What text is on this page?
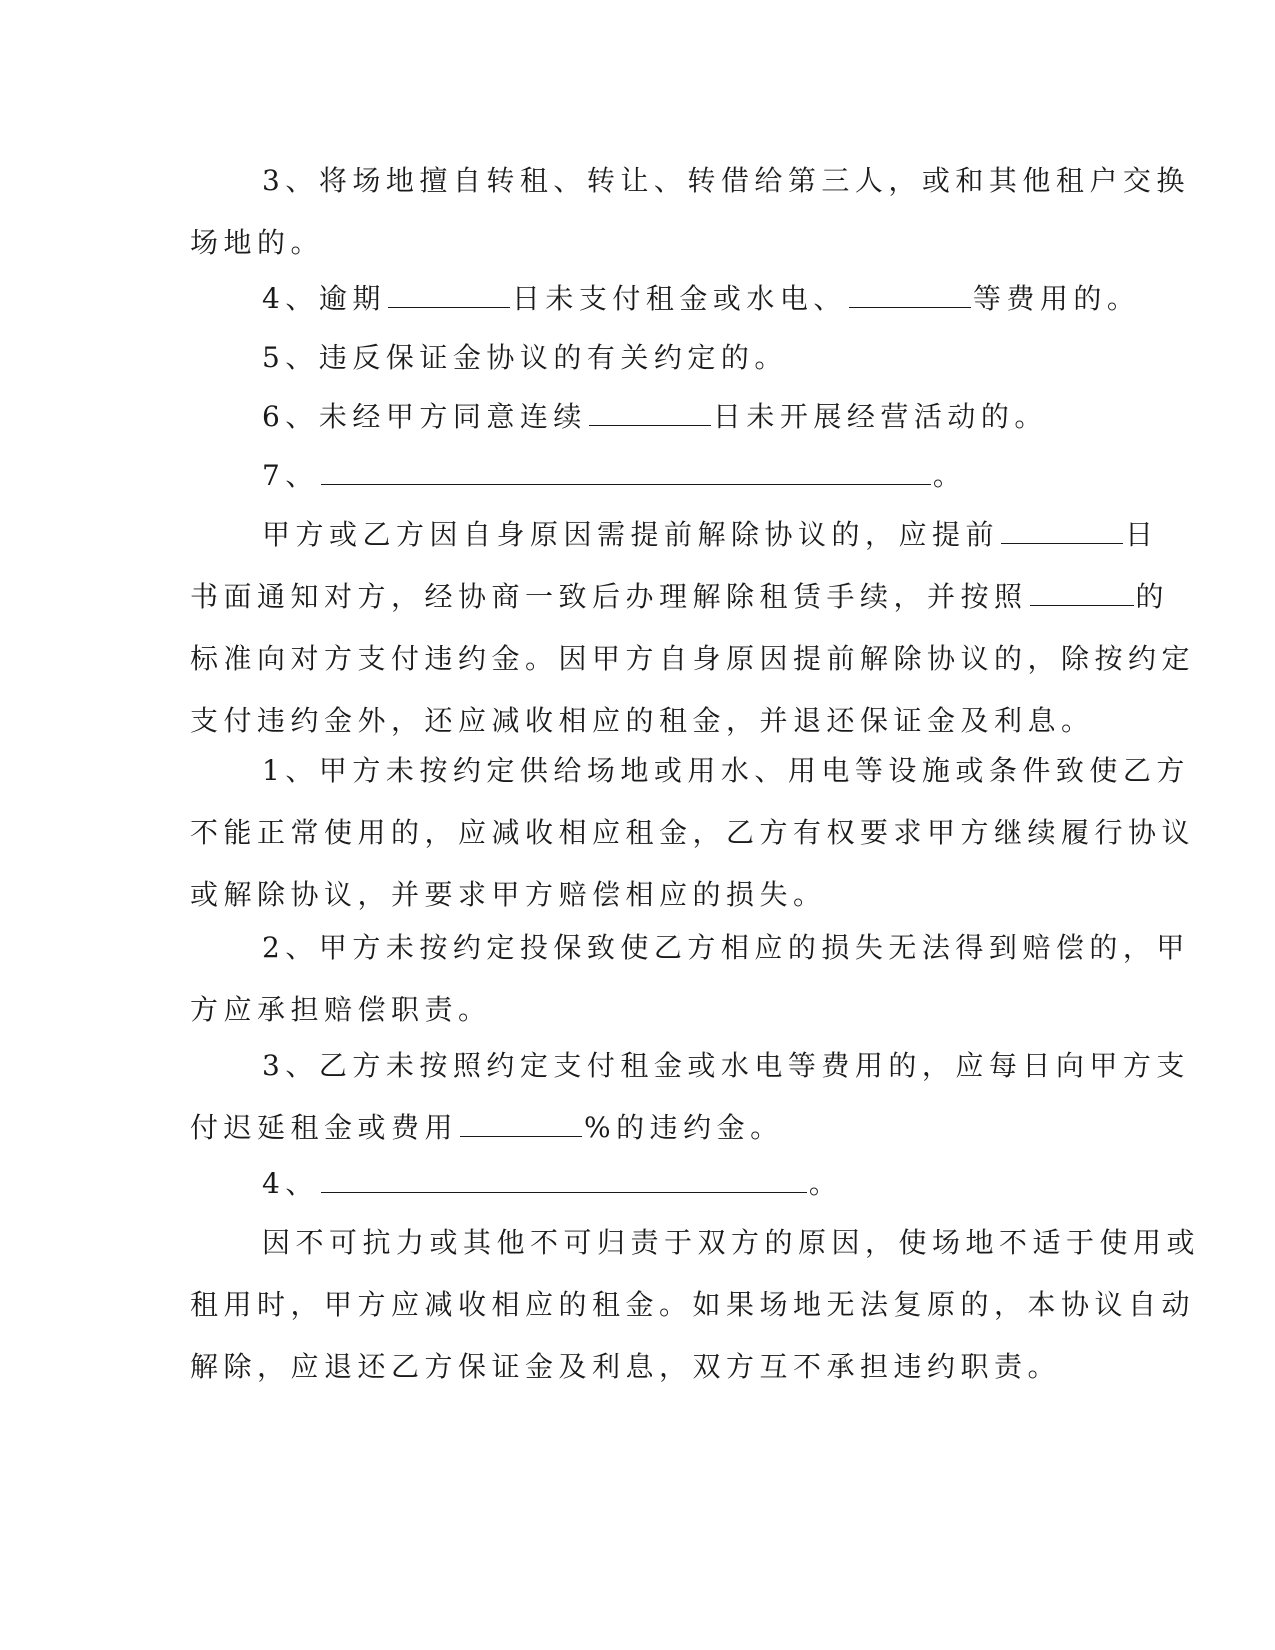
3、将场地擅自转租、转让、转借给第三人，或和其他租户交换
场地的。
4、逾期	日未支付租金或水电、	等费用的。
5、违反保证金协议的有关约定的。
6、未经甲方同意连续	日未开展经营活动的。
7、	。
甲方或乙方因自身原因需提前解除协议的，应提前	日
书面通知对方，经协商一致后办理解除租赁手续，并按照	的
标准向对方支付违约金。因甲方自身原因提前解除协议的，除按约定
支付违约金外，还应减收相应的租金，并退还保证金及利息。
1、甲方未按约定供给场地或用水、用电等设施或条件致使乙方
不能正常使用的，应减收相应租金，乙方有权要求甲方继续履行协议
或解除协议，并要求甲方赔偿相应的损失。
2、甲方未按约定投保致使乙方相应的损失无法得到赔偿的，甲
方应承担赔偿职责。
3、乙方未按照约定支付租金或水电等费用的，应每日向甲方支
付迟延租金或费用	%的违约金。
4、	。
因不可抗力或其他不可归责于双方的原因，使场地不适于使用或
租用时，甲方应减收相应的租金。如果场地无法复原的，本协议自动
解除，应退还乙方保证金及利息，双方互不承担违约职责。
